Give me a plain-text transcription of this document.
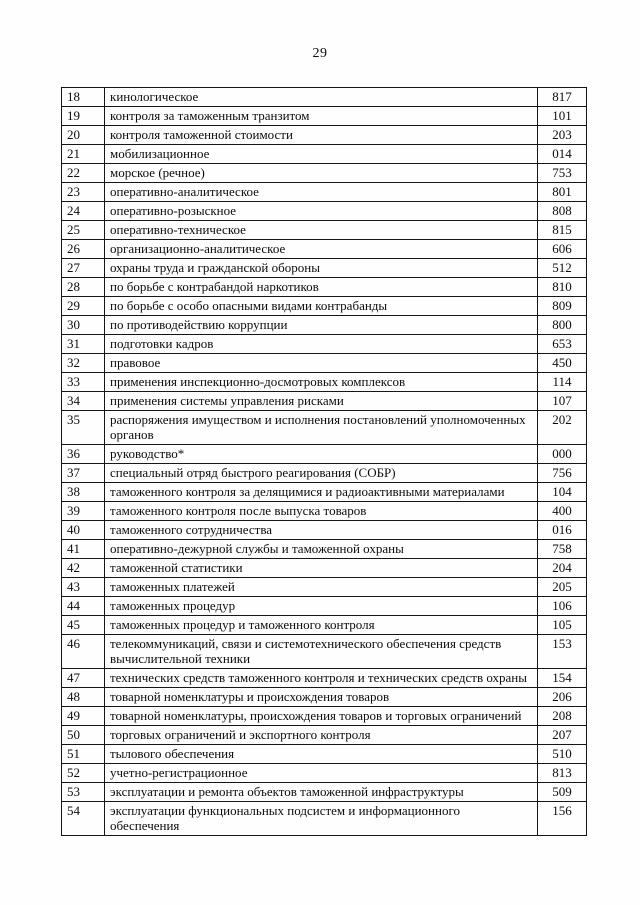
29
18	кинологическое	817
19	контроля за таможенным транзитом	101
20	контроля таможенной стоимости	203
21	мобилизационное	014
22	морское (речное)	753
23	оперативно-аналитическое	801
24	оперативно-розыскное	808
25	оперативно-техническое	815
26	организационно-аналитическое	606
27	охраны труда и гражданской обороны	512
28	по борьбе с контрабандой наркотиков	810
29	по борьбе с особо опасными видами контрабанды	809
30	по противодействию коррупции	800
31	подготовки кадров	653
32	правовое	450
33	применения инспекционно-досмотровых комплексов	114
34	применения системы управления рисками	107
35	распоряжения имуществом и исполнения постановлений уполномоченных органов	202
36	руководство*	000
37	специальный отряд быстрого реагирования (СОБР)	756
38	таможенного контроля за делящимися и радиоактивными материалами	104
39	таможенного контроля после выпуска товаров	400
40	таможенного сотрудничества	016
41	оперативно-дежурной службы и таможенной охраны	758
42	таможенной статистики	204
43	таможенных платежей	205
44	таможенных процедур	106
45	таможенных процедур и таможенного контроля	105
46	телекоммуникаций, связи и системотехнического обеспечения средств вычислительной техники	153
47	технических средств таможенного контроля и технических средств охраны	154
48	товарной номенклатуры и происхождения товаров	206
49	товарной номенклатуры, происхождения товаров и торговых ограничений	208
50	торговых ограничений и экспортного контроля	207
51	тылового обеспечения	510
52	учетно-регистрационное	813
53	эксплуатации и ремонта объектов таможенной инфраструктуры	509
54	эксплуатации функциональных подсистем и информационного обеспечения	156
